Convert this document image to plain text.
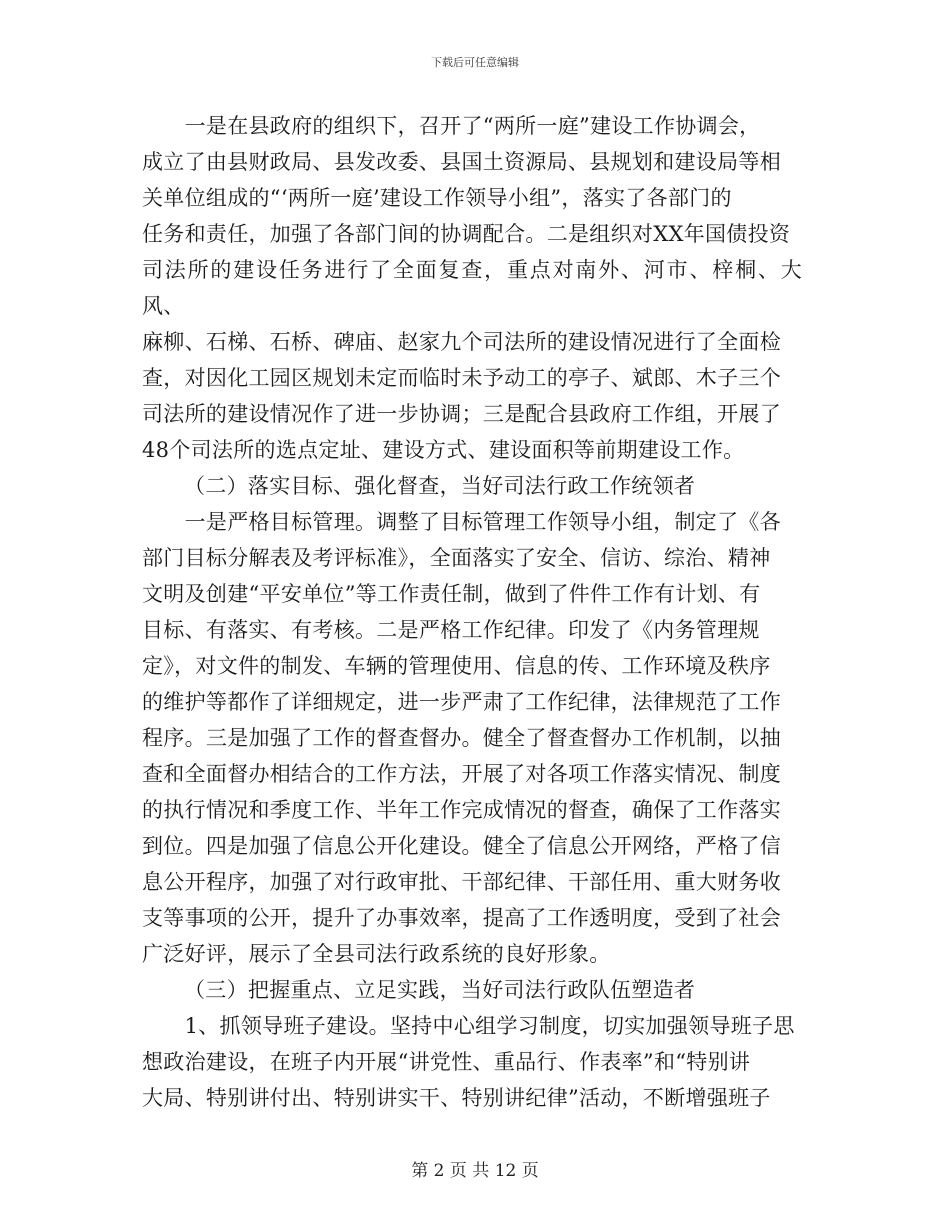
下载后可任意编辑

　　一是在县政府的组织下，召开了“两所一庭”建设工作协调会，
成立了由县财政局、县发改委、县国土资源局、县规划和建设局等相
关单位组成的“‘两所一庭’建设工作领导小组”，落实了各部门的
任务和责任，加强了各部门间的协调配合。二是组织对XX年国债投资
司法所的建设任务进行了全面复查，重点对南外、河市、梓桐、大风、
麻柳、石梯、石桥、碑庙、赵家九个司法所的建设情况进行了全面检
查，对因化工园区规划未定而临时未予动工的亭子、斌郎、木子三个
司法所的建设情况作了进一步协调；三是配合县政府工作组，开展了
48个司法所的选点定址、建设方式、建设面积等前期建设工作。

（二）落实目标、强化督查，当好司法行政工作统领者

　　一是严格目标管理。调整了目标管理工作领导小组，制定了《各
部门目标分解表及考评标准》，全面落实了安全、信访、综治、精神
文明及创建“平安单位”等工作责任制，做到了件件工作有计划、有
目标、有落实、有考核。二是严格工作纪律。印发了《内务管理规
定》，对文件的制发、车辆的管理使用、信息的传、工作环境及秩序
的维护等都作了详细规定，进一步严肃了工作纪律，法律规范了工作
程序。三是加强了工作的督查督办。健全了督查督办工作机制，以抽
查和全面督办相结合的工作方法，开展了对各项工作落实情况、制度
的执行情况和季度工作、半年工作完成情况的督查，确保了工作落实
到位。四是加强了信息公开化建设。健全了信息公开网络，严格了信
息公开程序，加强了对行政审批、干部纪律、干部任用、重大财务收
支等事项的公开，提升了办事效率，提高了工作透明度，受到了社会
广泛好评，展示了全县司法行政系统的良好形象。

（三）把握重点、立足实践，当好司法行政队伍塑造者

　　1、抓领导班子建设。坚持中心组学习制度，切实加强领导班子思
想政治建设，在班子内开展“讲党性、重品行、作表率”和“特别讲
大局、特别讲付出、特别讲实干、特别讲纪律”活动，不断增强班子

第 2 页 共 12 页
